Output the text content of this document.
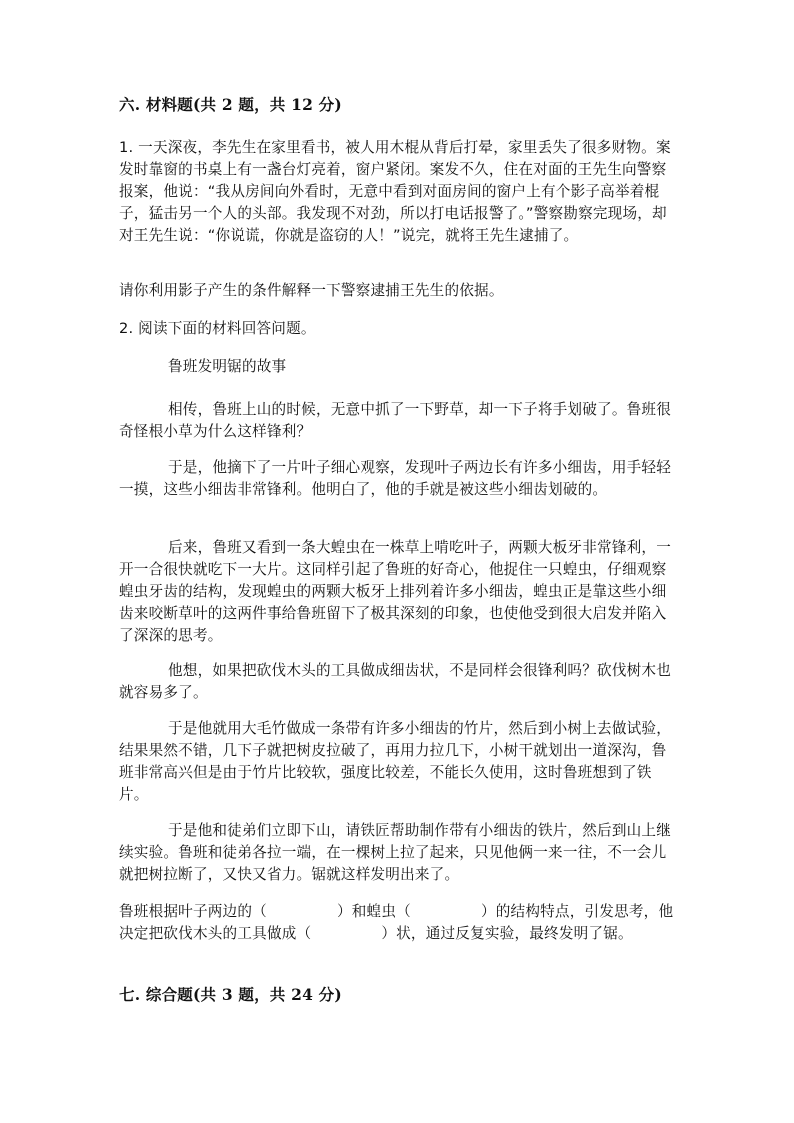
六. 材料题(共 2 题，共 12 分)
1. 一天深夜，李先生在家里看书，被人用木棍从背后打晕，家里丢失了很多财物。案发时靠窗的书桌上有一盏台灯亮着，窗户紧闭。案发不久，住在对面的王先生向警察报案，他说：“我从房间向外看时，无意中看到对面房间的窗户上有个影子高举着棍子，猛击另一个人的头部。我发现不对劲，所以打电话报警了。”警察勘察完现场，却对王先生说：“你说谎，你就是盗窃的人！”说完，就将王先生逮捕了。
请你利用影子产生的条件解释一下警察逮捕王先生的依据。
2. 阅读下面的材料回答问题。
鲁班发明锯的故事
相传，鲁班上山的时候，无意中抓了一下野草，却一下子将手划破了。鲁班很奇怪根小草为什么这样锋利？
于是，他摘下了一片叶子细心观察，发现叶子两边长有许多小细齿，用手轻轻一摸，这些小细齿非常锋利。他明白了，他的手就是被这些小细齿划破的。
后来，鲁班又看到一条大蝗虫在一株草上啃吃叶子，两颗大板牙非常锋利，一开一合很快就吃下一大片。这同样引起了鲁班的好奇心，他捉住一只蝗虫，仔细观察蝗虫牙齿的结构，发现蝗虫的两颗大板牙上排列着许多小细齿，蝗虫正是靠这些小细齿来咬断草叶的这两件事给鲁班留下了极其深刻的印象，也使他受到很大启发并陷入了深深的思考。
他想，如果把砍伐木头的工具做成细齿状，不是同样会很锋利吗？砍伐树木也就容易多了。
于是他就用大毛竹做成一条带有许多小细齿的竹片，然后到小树上去做试验，结果果然不错，几下子就把树皮拉破了，再用力拉几下，小树干就划出一道深沟，鲁班非常高兴但是由于竹片比较软，强度比较差，不能长久使用，这时鲁班想到了铁片。
于是他和徒弟们立即下山，请铁匠帮助制作带有小细齿的铁片，然后到山上继续实验。鲁班和徒弟各拉一端，在一棵树上拉了起来，只见他俩一来一往，不一会儿就把树拉断了，又快又省力。锯就这样发明出来了。
鲁班根据叶子两边的（	）和蝗虫（	）的结构特点，引发思考，他决定把砍伐木头的工具做成（	）状，通过反复实验，最终发明了锯。
七. 综合题(共 3 题，共 24 分)
